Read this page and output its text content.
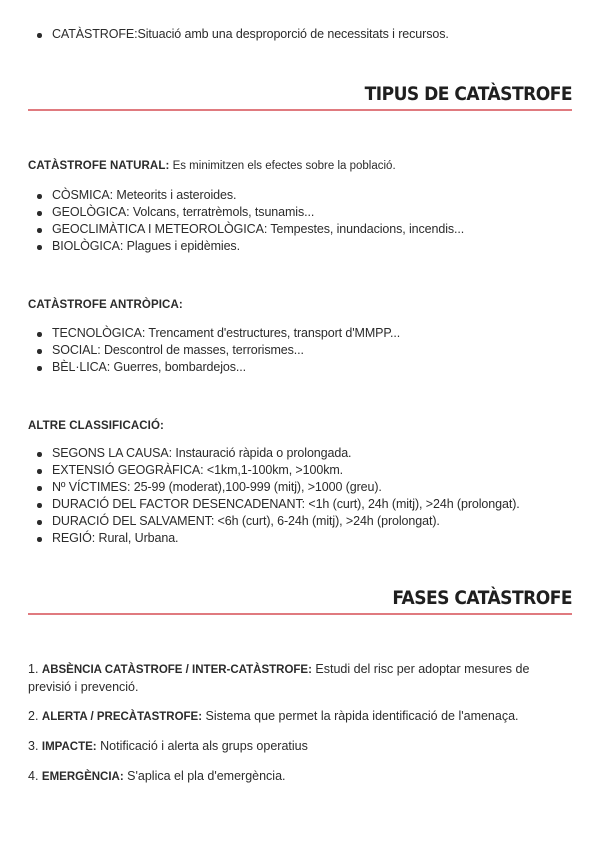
CATÀSTROFE:Situació amb una desproporció de necessitats i recursos.
TIPUS DE CATÀSTROFE
CATÀSTROFE NATURAL: Es minimitzen els efectes sobre la població.
CÒSMICA: Meteorits i asteroides.
GEOLÒGICA: Volcans, terratrèmols, tsunamis...
GEOCLIMÀTICA I METEOROLÒGICA: Tempestes, inundacions, incendis...
BIOLÒGICA: Plagues i epidèmies.
CATÀSTROFE ANTRÒPICA:
TECNOLÒGICA: Trencament d'estructures, transport d'MMPP...
SOCIAL: Descontrol de masses, terrorismes...
BÈL·LICA: Guerres, bombardejos...
ALTRE CLASSIFICACIÓ:
SEGONS LA CAUSA: Instauració ràpida o prolongada.
EXTENSIÓ GEOGRÀFICA: <1km,1-100km, >100km.
Nº VÍCTIMES: 25-99 (moderat),100-999 (mitj), >1000 (greu).
DURACIÓ DEL FACTOR DESENCADENANT: <1h (curt), 24h (mitj), >24h (prolongat).
DURACIÓ DEL SALVAMENT: <6h (curt), 6-24h (mitj), >24h (prolongat).
REGIÓ: Rural, Urbana.
FASES CATÀSTROFE

1. ABSÈNCIA CATÀSTROFE / INTER-CATÀSTROFE: Estudi del risc per adoptar mesures de previsió i prevenció.

2. ALERTA / PRECÀTASTROFE: Sistema que permet la ràpida identificació de l'amenaça.

3. IMPACTE: Notificació i alerta als grups operatius

4. EMERGÈNCIA: S'aplica el pla d'emergència.
